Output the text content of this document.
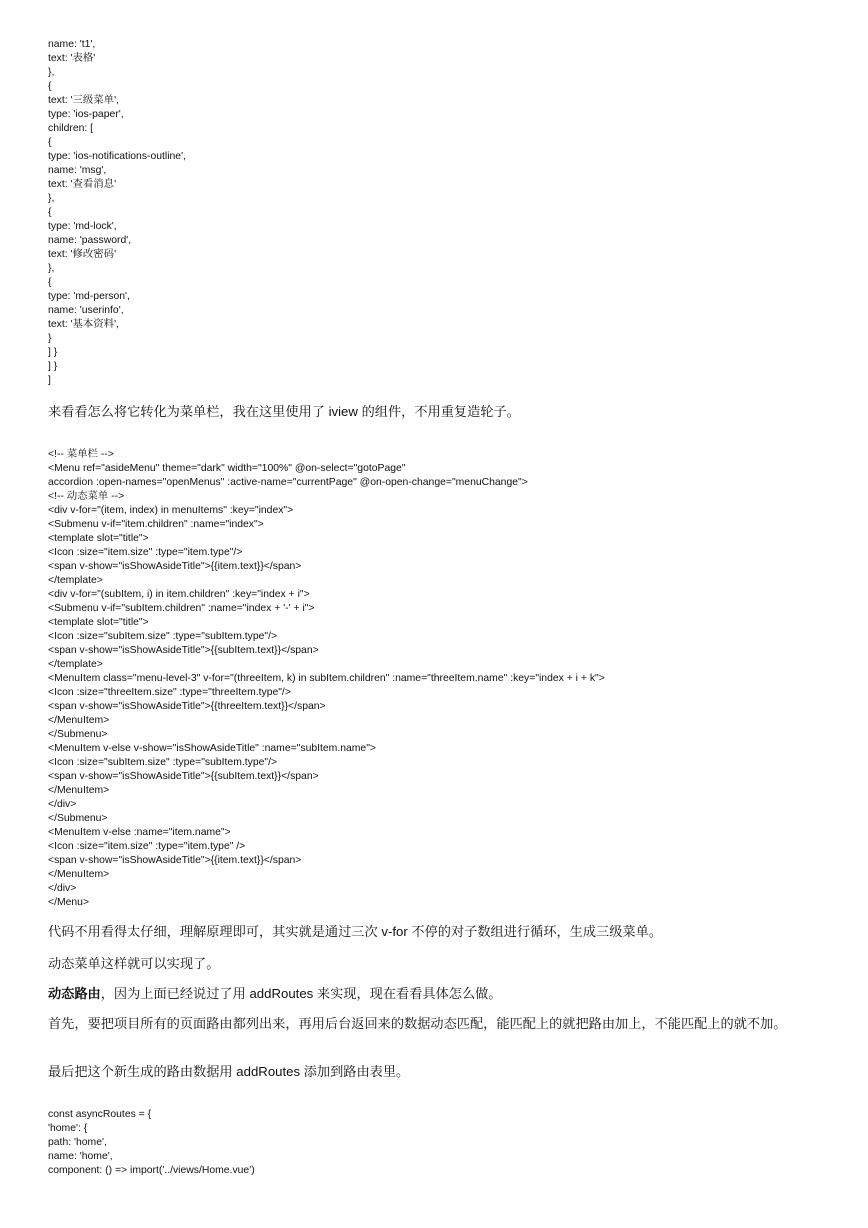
name: 't1',
text: '表格'
},
{
text: '三级菜单',
type: 'ios-paper',
children: [
{
type: 'ios-notifications-outline',
name: 'msg',
text: '查看消息'
},
{
type: 'md-lock',
name: 'password',
text: '修改密码'
},
{
type: 'md-person',
name: 'userinfo',
text: '基本资料',
}
] }
] }
]

来看看怎么将它转化为菜单栏，我在这里使用了 iview 的组件，不用重复造轮子。

<!-- 菜单栏 -->
<Menu ref="asideMenu" theme="dark" width="100%" @on-select="gotoPage"
accordion :open-names="openMenus" :active-name="currentPage" @on-open-change="menuChange">
<!-- 动态菜单 -->
<div v-for="(item, index) in menuItems" :key="index">
<Submenu v-if="item.children" :name="index">
<template slot="title">
<Icon :size="item.size" :type="item.type"/>
<span v-show="isShowAsideTitle">{{item.text}}</span>
</template>
<div v-for="(subItem, i) in item.children" :key="index + i">
<Submenu v-if="subItem.children" :name="index + '-' + i">
<template slot="title">
<Icon :size="subItem.size" :type="subItem.type"/>
<span v-show="isShowAsideTitle">{{subItem.text}}</span>
</template>
<MenuItem class="menu-level-3" v-for="(threeItem, k) in subItem.children" :name="threeItem.name" :key="index + i + k">
<Icon :size="threeItem.size" :type="threeItem.type"/>
<span v-show="isShowAsideTitle">{{threeItem.text}}</span>
</MenuItem>
</Submenu>
<MenuItem v-else v-show="isShowAsideTitle" :name="subItem.name">
<Icon :size="subItem.size" :type="subItem.type"/>
<span v-show="isShowAsideTitle">{{subItem.text}}</span>
</MenuItem>
</div>
</Submenu>
<MenuItem v-else :name="item.name">
<Icon :size="item.size" :type="item.type" />
<span v-show="isShowAsideTitle">{{item.text}}</span>
</MenuItem>
</div>
</Menu>

代码不用看得太仔细，理解原理即可，其实就是通过三次 v-for 不停的对子数组进行循环，生成三级菜单。

动态菜单这样就可以实现了。

动态路由，因为上面已经说过了用 addRoutes 来实现，现在看看具体怎么做。

首先，要把项目所有的页面路由都列出来，再用后台返回来的数据动态匹配，能匹配上的就把路由加上，不能匹配上的就不加。

最后把这个新生成的路由数据用 addRoutes 添加到路由表里。

const asyncRoutes = {
'home': {
path: 'home',
name: 'home',
component: () => import('../views/Home.vue')
